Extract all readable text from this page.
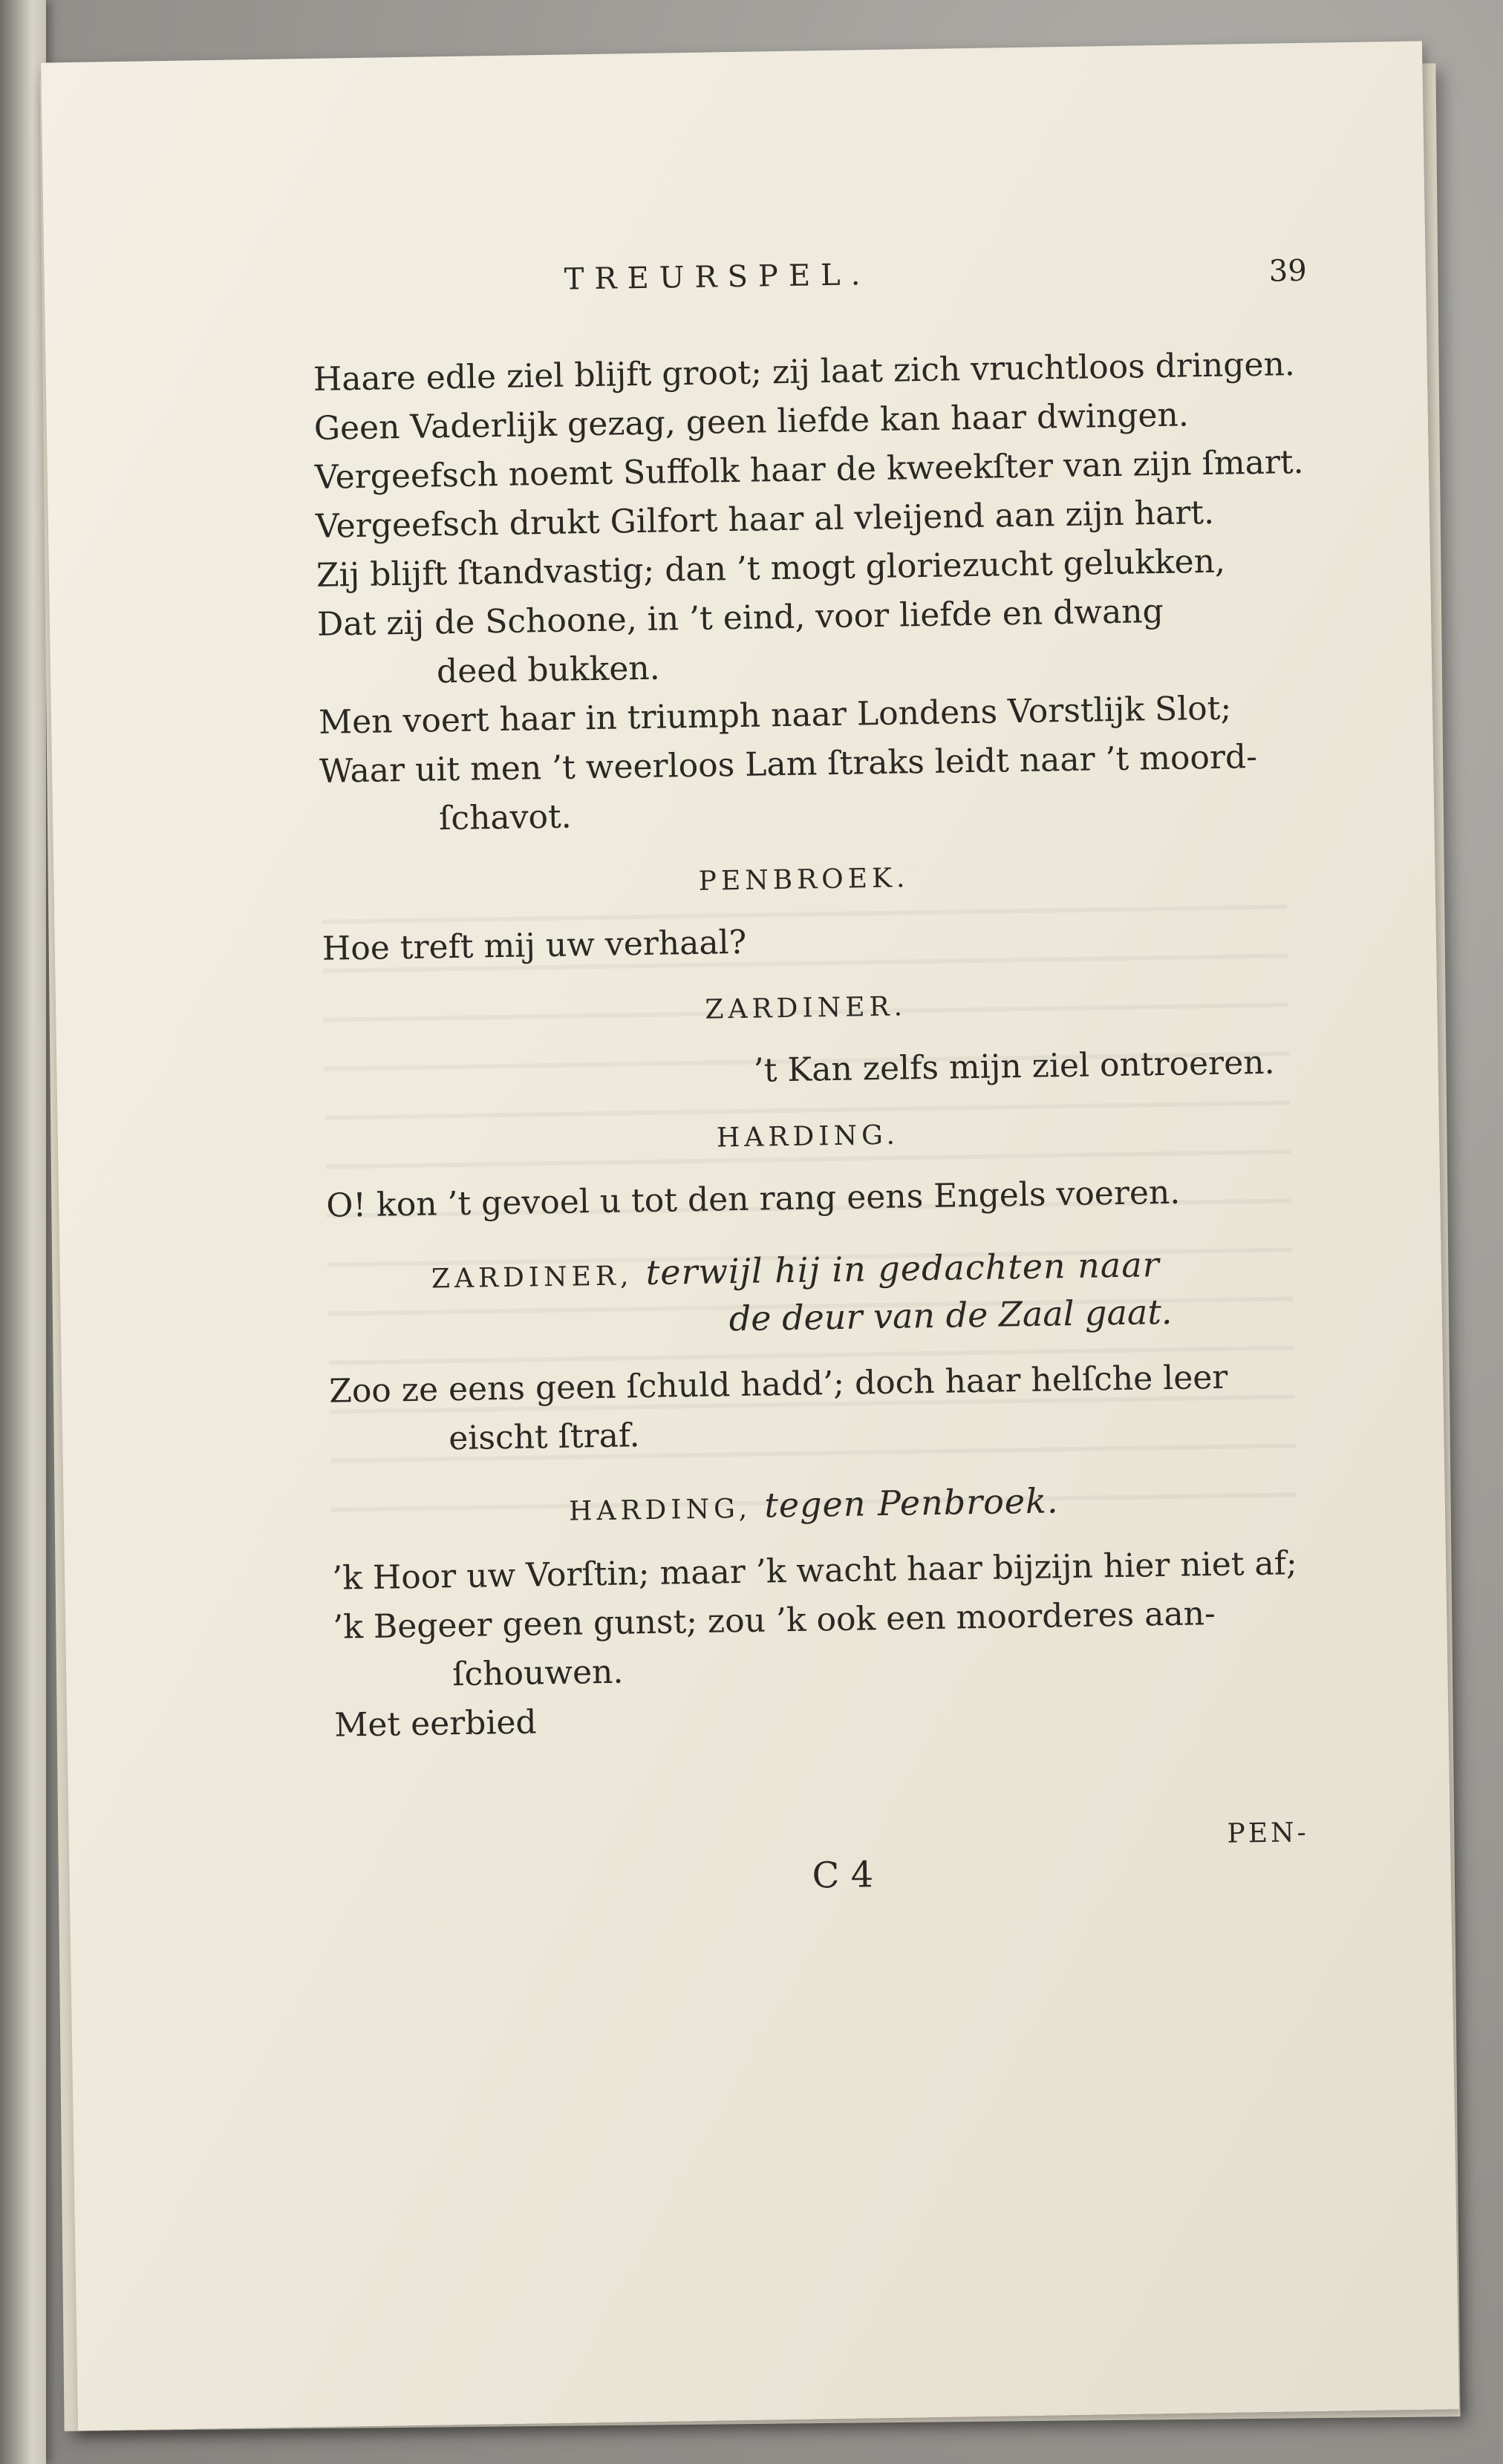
TREURSPEL.	39

Haare edle ziel blijft groot; zij laat zich vruchtloos dringen.

Geen Vaderlijk gezag, geen liefde kan haar dwingen.

Vergeefsch noemt Suffolk haar de kweekſter van zijn ſmart.

Vergeefsch drukt Gilfort haar al vleijend aan zijn hart.

Zij blijft ſtandvastig; dan ’t mogt gloriezucht gelukken,

Dat zij de Schoone, in ’t eind, voor liefde en dwang

deed bukken.

Men voert haar in triumph naar Londens Vorstlijk Slot;

Waar uit men ’t weerloos Lam ſtraks leidt naar ’t moord-

ſchavot.

PENBROEK.

Hoe treft mij uw verhaal?

ZARDINER.

’t Kan zelfs mijn ziel ontroeren.

HARDING.

O! kon ’t gevoel u tot den rang eens Engels voeren.

ZARDINER, terwijl hij in gedachten naar
de deur van de Zaal gaat.

Zoo ze eens geen ſchuld hadd’; doch haar helſche leer

eischt ſtraf.

HARDING, tegen Penbroek.

’k Hoor uw Vorſtin; maar ’k wacht haar bijzijn hier niet af;

’k Begeer geen gunst; zou ’k ook een moorderes aan-

ſchouwen.

Met eerbied

C 4
PEN-
